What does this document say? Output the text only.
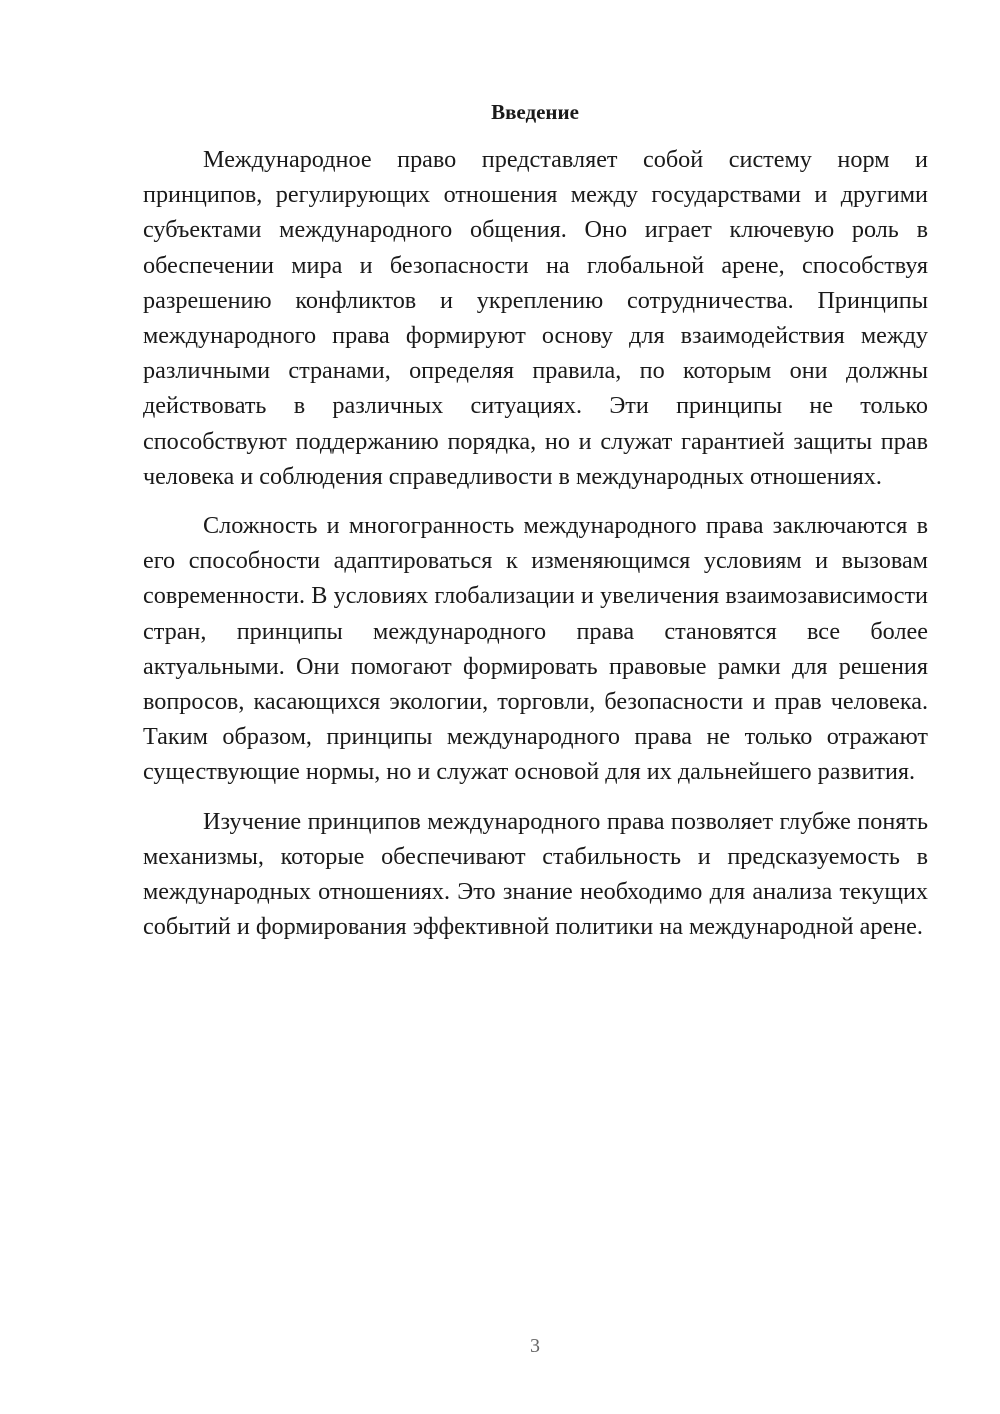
Введение

Международное право представляет собой систему норм и принципов, регулирующих отношения между государствами и другими субъектами международного общения. Оно играет ключевую роль в обеспечении мира и безопасности на глобальной арене, способствуя разрешению конфликтов и укреплению сотрудничества. Принципы международного права формируют основу для взаимодействия между различными странами, определяя правила, по которым они должны действовать в различных ситуациях. Эти принципы не только способствуют поддержанию порядка, но и служат гарантией защиты прав человека и соблюдения справедливости в международных отношениях.

Сложность и многогранность международного права заключаются в его способности адаптироваться к изменяющимся условиям и вызовам современности. В условиях глобализации и увеличения взаимозависимости стран, принципы международного права становятся все более актуальными. Они помогают формировать правовые рамки для решения вопросов, касающихся экологии, торговли, безопасности и прав человека. Таким образом, принципы международного права не только отражают существующие нормы, но и служат основой для их дальнейшего развития.

Изучение принципов международного права позволяет глубже понять механизмы, которые обеспечивают стабильность и предсказуемость в международных отношениях. Это знание необходимо для анализа текущих событий и формирования эффективной политики на международной арене.

3
